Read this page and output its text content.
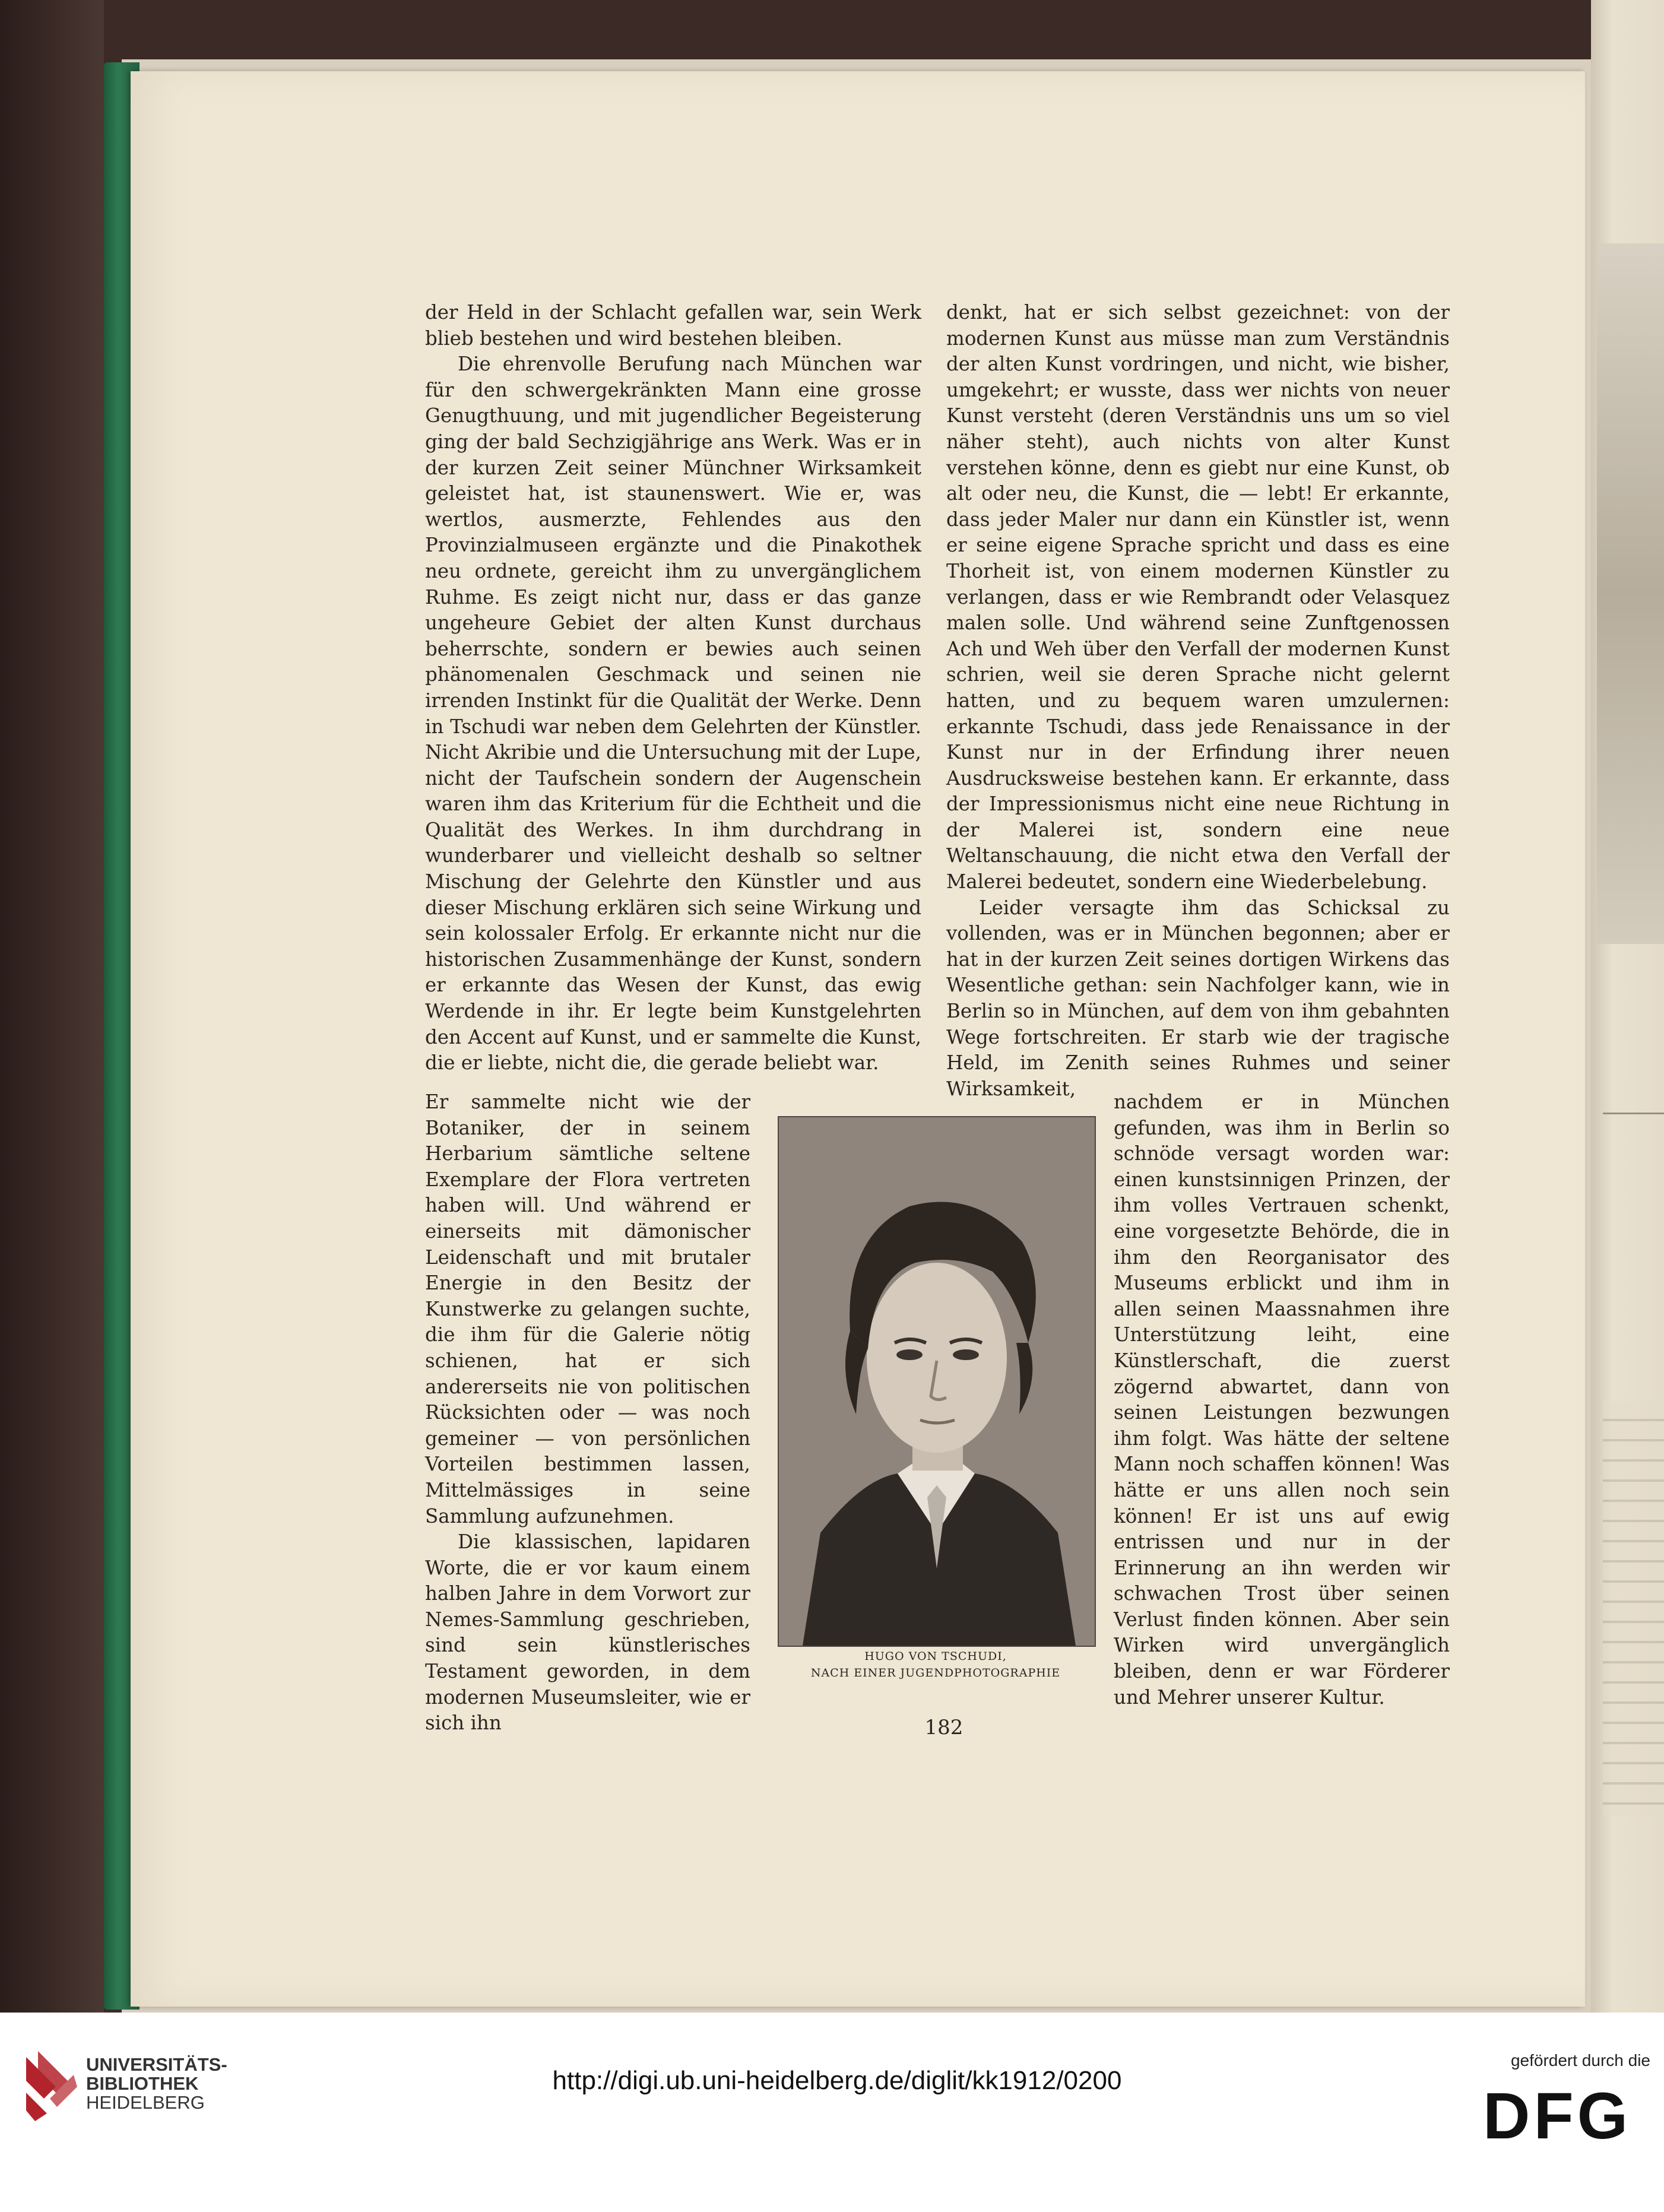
der Held in der Schlacht gefallen war, sein Werk blieb bestehen und wird bestehen bleiben.

Die ehrenvolle Berufung nach München war für den schwergekränkten Mann eine grosse Genugthuung, und mit jugendlicher Begeisterung ging der bald Sechzigjährige ans Werk. Was er in der kurzen Zeit seiner Münchner Wirksamkeit geleistet hat, ist staunenswert. Wie er, was wertlos, ausmerzte, Fehlendes aus den Provinzialmuseen ergänzte und die Pinakothek neu ordnete, gereicht ihm zu unvergänglichem Ruhme. Es zeigt nicht nur, dass er das ganze ungeheure Gebiet der alten Kunst durchaus beherrschte, sondern er bewies auch seinen phänomenalen Geschmack und seinen nie irrenden Instinkt für die Qualität der Werke. Denn in Tschudi war neben dem Gelehrten der Künstler. Nicht Akribie und die Untersuchung mit der Lupe, nicht der Taufschein sondern der Augenschein waren ihm das Kriterium für die Echtheit und die Qualität des Werkes. In ihm durchdrang in wunderbarer und vielleicht deshalb so seltner Mischung der Gelehrte den Künstler und aus dieser Mischung erklären sich seine Wirkung und sein kolossaler Erfolg. Er erkannte nicht nur die historischen Zusammenhänge der Kunst, sondern er erkannte das Wesen der Kunst, das ewig Werdende in ihr. Er legte beim Kunstgelehrten den Accent auf Kunst, und er sammelte die Kunst, die er liebte, nicht die, die gerade beliebt war.

Er sammelte nicht wie der Botaniker, der in seinem Herbarium sämtliche seltene Exemplare der Flora vertreten haben will. Und während er einerseits mit dämonischer Leidenschaft und mit brutaler Energie in den Besitz der Kunstwerke zu gelangen suchte, die ihm für die Galerie nötig schienen, hat er sich andererseits nie von politischen Rücksichten oder — was noch gemeiner — von persönlichen Vorteilen bestimmen lassen, Mittelmässiges in seine Sammlung aufzunehmen.

Die klassischen, lapidaren Worte, die er vor kaum einem halben Jahre in dem Vorwort zur Nemes-Sammlung geschrieben, sind sein künstlerisches Testament geworden, in dem modernen Museumsleiter, wie er sich ihn

denkt, hat er sich selbst gezeichnet: von der modernen Kunst aus müsse man zum Verständnis der alten Kunst vordringen, und nicht, wie bisher, umgekehrt; er wusste, dass wer nichts von neuer Kunst versteht (deren Verständnis uns um so viel näher steht), auch nichts von alter Kunst verstehen könne, denn es giebt nur eine Kunst, ob alt oder neu, die Kunst, die — lebt! Er erkannte, dass jeder Maler nur dann ein Künstler ist, wenn er seine eigene Sprache spricht und dass es eine Thorheit ist, von einem modernen Künstler zu verlangen, dass er wie Rembrandt oder Velasquez malen solle. Und während seine Zunftgenossen Ach und Weh über den Verfall der modernen Kunst schrien, weil sie deren Sprache nicht gelernt hatten, und zu bequem waren umzulernen: erkannte Tschudi, dass jede Renaissance in der Kunst nur in der Erfindung ihrer neuen Ausdrucksweise bestehen kann. Er erkannte, dass der Impressionismus nicht eine neue Richtung in der Malerei ist, sondern eine neue Weltanschauung, die nicht etwa den Verfall der Malerei bedeutet, sondern eine Wiederbelebung.

Leider versagte ihm das Schicksal zu vollenden, was er in München begonnen; aber er hat in der kurzen Zeit seines dortigen Wirkens das Wesentliche gethan: sein Nachfolger kann, wie in Berlin so in München, auf dem von ihm gebahnten Wege fortschreiten. Er starb wie der tragische Held, im Zenith seines Ruhmes und seiner Wirksamkeit,

nachdem er in München gefunden, was ihm in Berlin so schnöde versagt worden war: einen kunstsinnigen Prinzen, der ihm volles Vertrauen schenkt, eine vorgesetzte Behörde, die in ihm den Reorganisator des Museums erblickt und ihm in allen seinen Maassnahmen ihre Unterstützung leiht, eine Künstlerschaft, die zuerst zögernd abwartet, dann von seinen Leistungen bezwungen ihm folgt. Was hätte der seltene Mann noch schaffen können! Was hätte er uns allen noch sein können! Er ist uns auf ewig entrissen und nur in der Erinnerung an ihn werden wir schwachen Trost über seinen Verlust finden können. Aber sein Wirken wird unvergänglich bleiben, denn er war Förderer und Mehrer unserer Kultur.

HUGO VON TSCHUDI,
NACH EINER JUGENDPHOTOGRAPHIE
182
UNIVERSITÄTS-
BIBLIOTHEK
HEIDELBERG
http://digi.ub.uni-heidelberg.de/diglit/kk1912/0200
gefördert durch die
DFG
